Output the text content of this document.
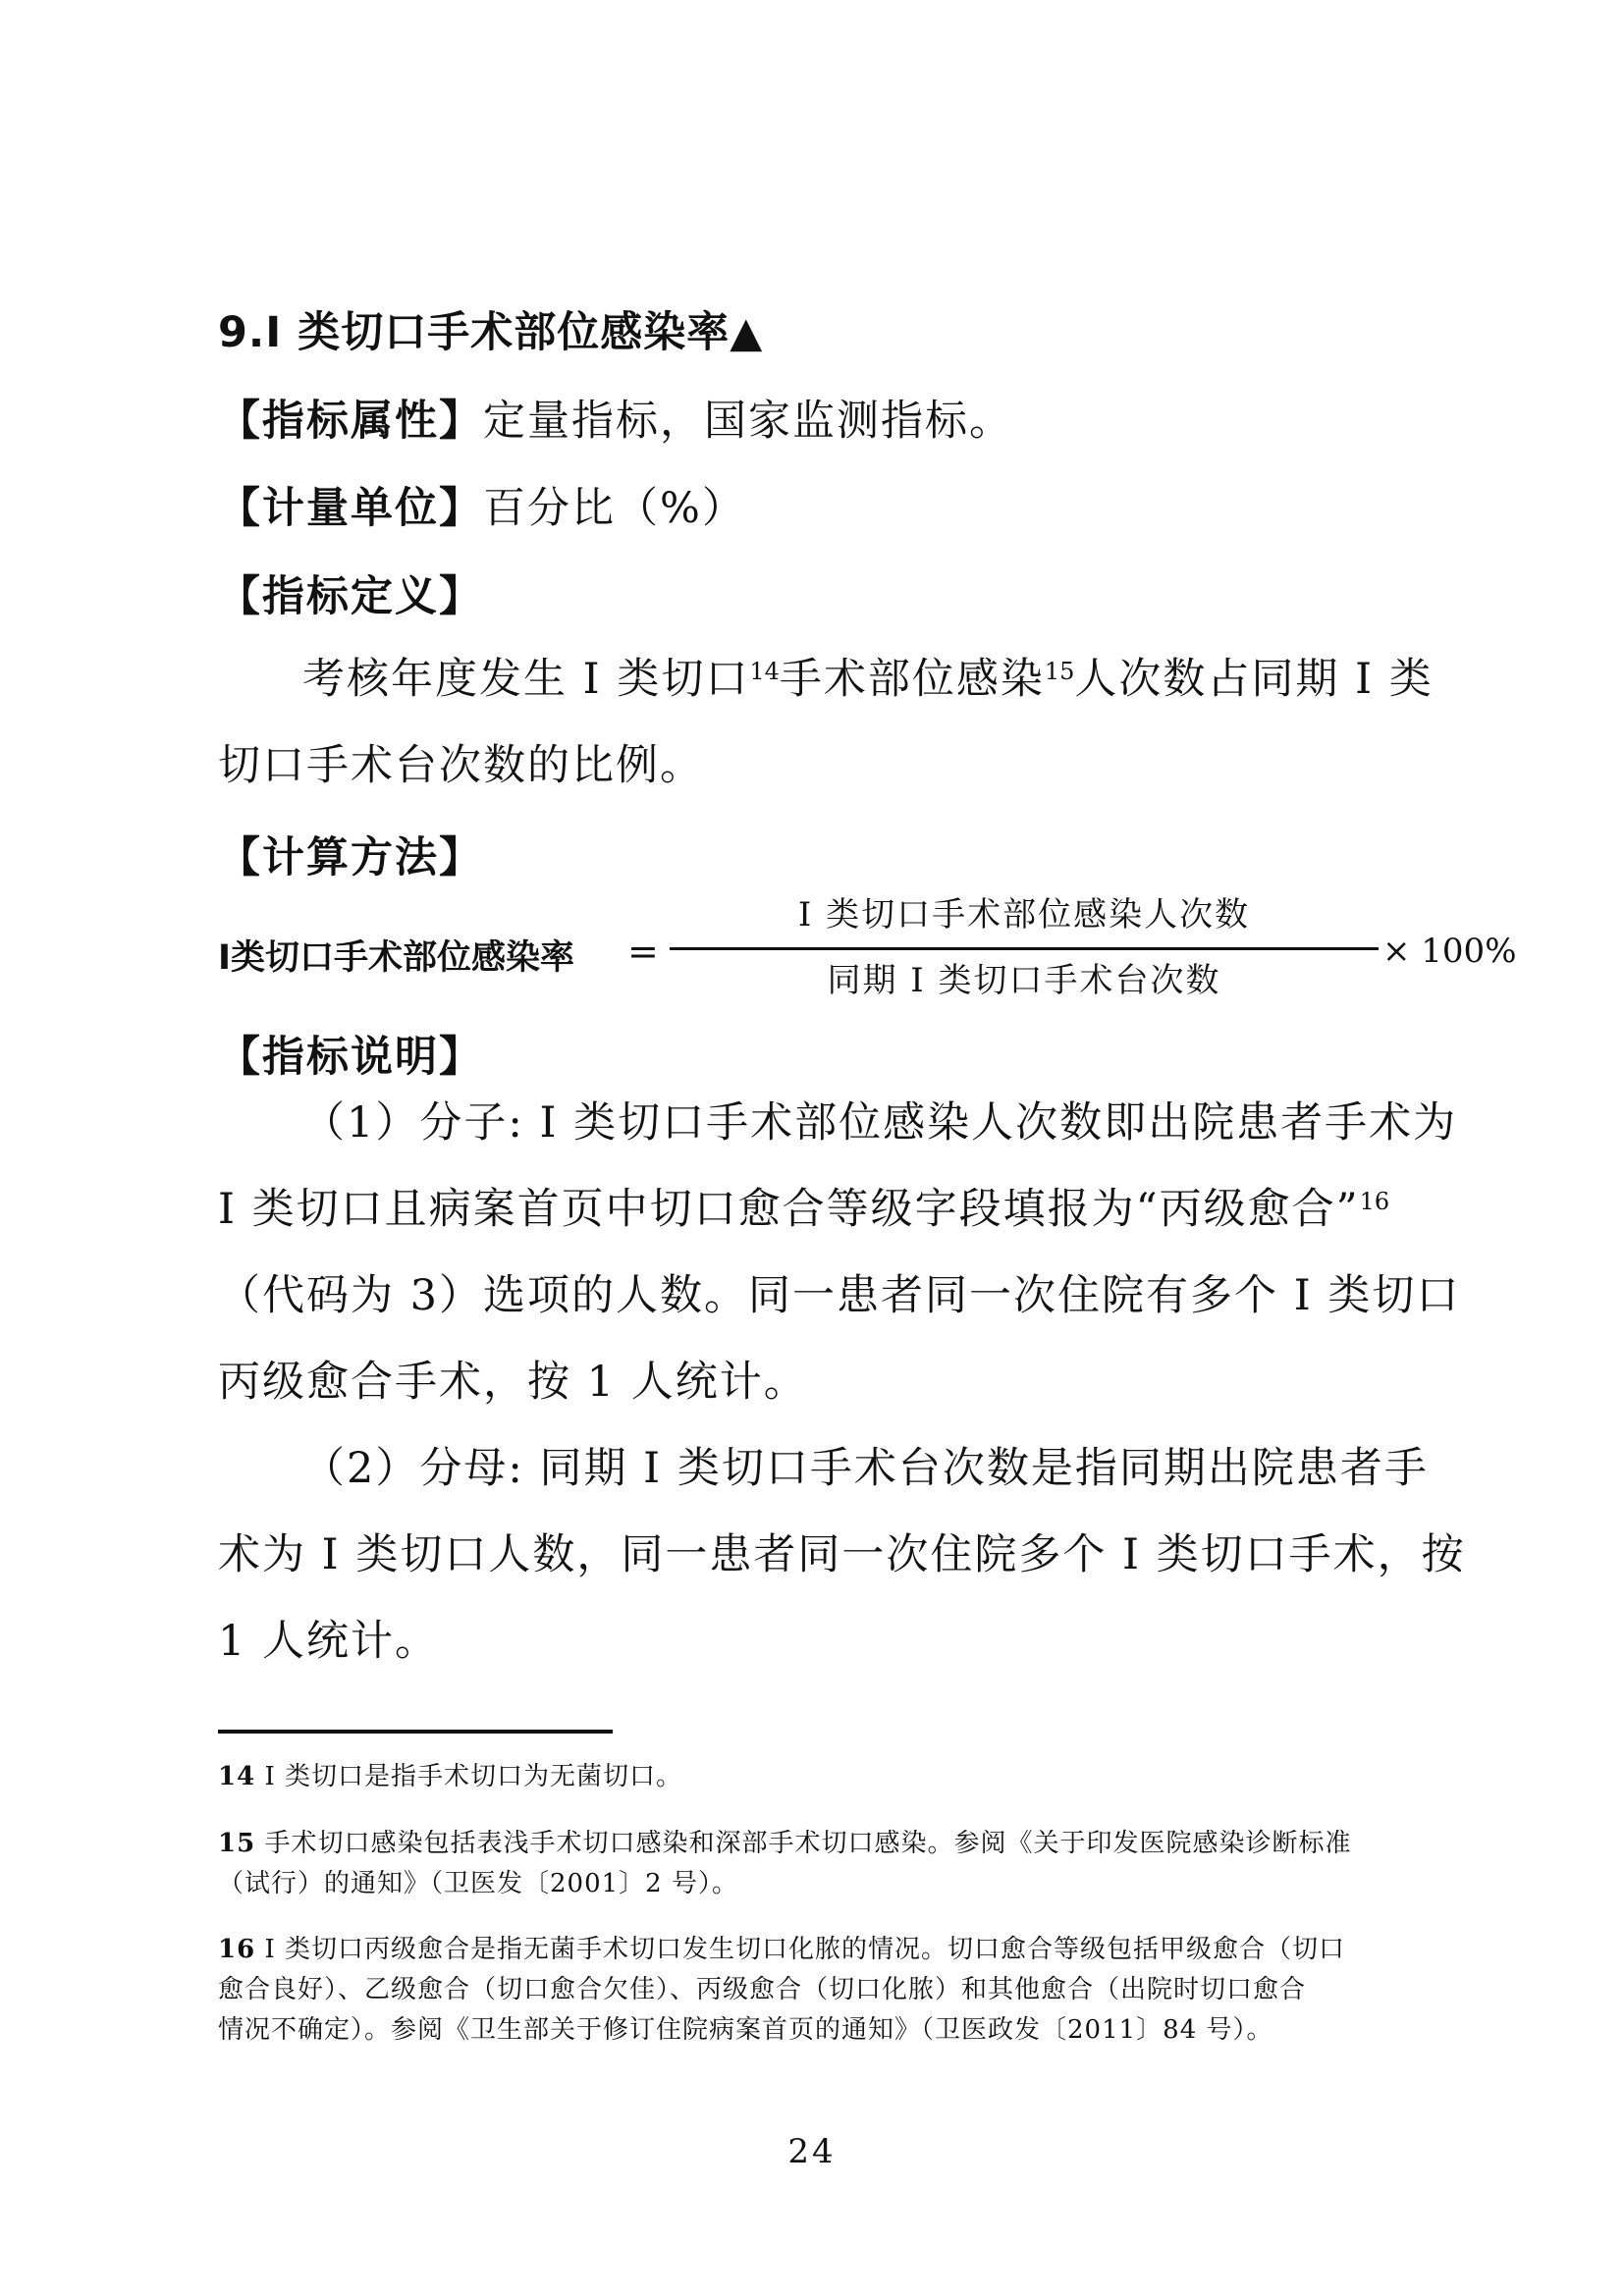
9.I 类切口手术部位感染率▲
【指标属性】定量指标，国家监测指标。
【计量单位】百分比（%）
【指标定义】
考核年度发生 I 类切口$^{14}$手术部位感染$^{15}$人次数占同期 I 类
切口手术台次数的比例。
【计算方法】
I类切口手术部位感染率 =
I 类切口手术部位感染人次数
同期 I 类切口手术台次数
× 100%
【指标说明】
（1）分子: I 类切口手术部位感染人次数即出院患者手术为
I 类切口且病案首页中切口愈合等级字段填报为“丙级愈合”$^{16}$
（代码为 3）选项的人数。同一患者同一次住院有多个 I 类切口
丙级愈合手术，按 1 人统计。
（2）分母: 同期 I 类切口手术台次数是指同期出院患者手
术为 I 类切口人数，同一患者同一次住院多个 I 类切口手术，按
1 人统计。
14 I 类切口是指手术切口为无菌切口。
15 手术切口感染包括表浅手术切口感染和深部手术切口感染。参阅《关于印发医院感染诊断标准
（试行）的通知》（卫医发〔2001〕2 号）。
16 I 类切口丙级愈合是指无菌手术切口发生切口化脓的情况。切口愈合等级包括甲级愈合（切口
愈合良好）、乙级愈合（切口愈合欠佳）、丙级愈合（切口化脓）和其他愈合（出院时切口愈合
情况不确定）。参阅《卫生部关于修订住院病案首页的通知》（卫医政发〔2011〕84 号）。
24
